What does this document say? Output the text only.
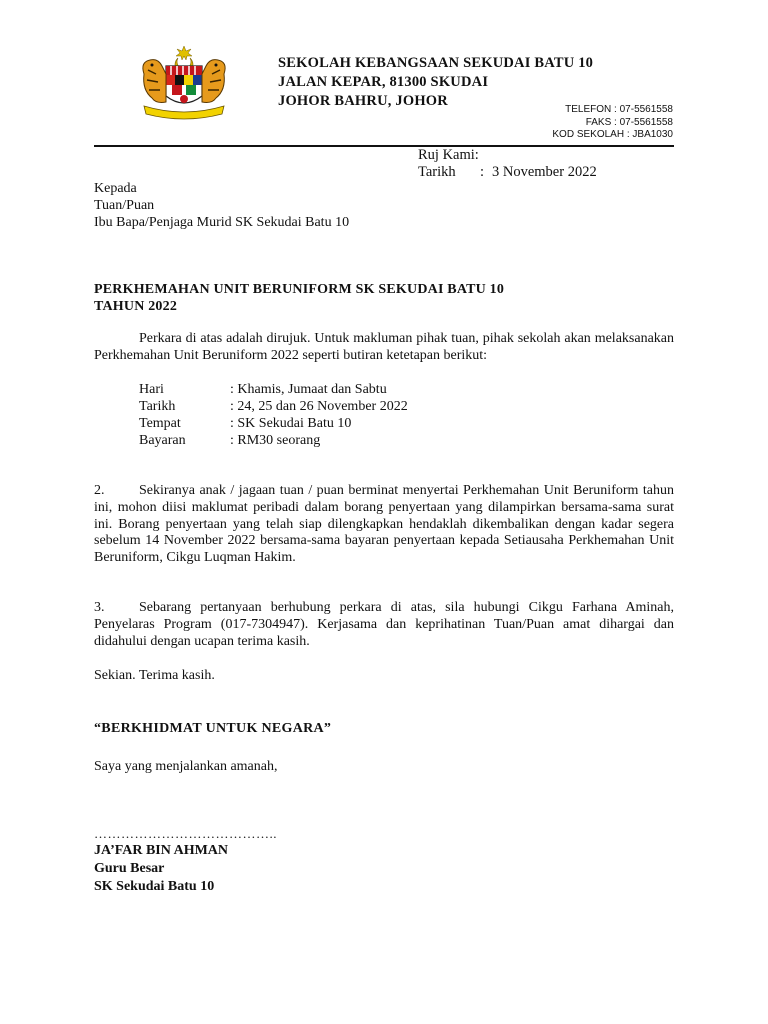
SEKOLAH KEBANGSAAN SEKUDAI BATU 10
JALAN KEPAR, 81300 SKUDAI
JOHOR BAHRU, JOHOR
TELEFON : 07-5561558
FAKS : 07-5561558
KOD SEKOLAH : JBA1030
Ruj Kami:
Tarikh	: 3 November 2022
Kepada
Tuan/Puan
Ibu Bapa/Penjaga Murid SK Sekudai Batu 10
PERKHEMAHAN UNIT BERUNIFORM SK SEKUDAI BATU 10
TAHUN 2022
Perkara di atas adalah dirujuk. Untuk makluman pihak tuan, pihak sekolah akan melaksanakan Perkhemahan Unit Beruniform 2022 seperti butiran ketetapan berikut:
Hari	: Khamis, Jumaat dan Sabtu
Tarikh	: 24, 25 dan 26 November 2022
Tempat	: SK Sekudai Batu 10
Bayaran	: RM30 seorang
2. Sekiranya anak / jagaan tuan / puan berminat menyertai Perkhemahan Unit Beruniform tahun ini, mohon diisi maklumat peribadi dalam borang penyertaan yang dilampirkan bersama-sama surat ini. Borang penyertaan yang telah siap dilengkapkan hendaklah dikembalikan dengan kadar segera sebelum 14 November 2022 bersama-sama bayaran penyertaan kepada Setiausaha Perkhemahan Unit Beruniform, Cikgu Luqman Hakim.
3. Sebarang pertanyaan berhubung perkara di atas, sila hubungi Cikgu Farhana Aminah, Penyelaras Program (017-7304947). Kerjasama dan keprihatinan Tuan/Puan amat dihargai dan didahului dengan ucapan terima kasih.
Sekian. Terima kasih.
“BERKHIDMAT UNTUK NEGARA”
Saya yang menjalankan amanah,
…………………………………..
JA’FAR BIN AHMAN
Guru Besar
SK Sekudai Batu 10
